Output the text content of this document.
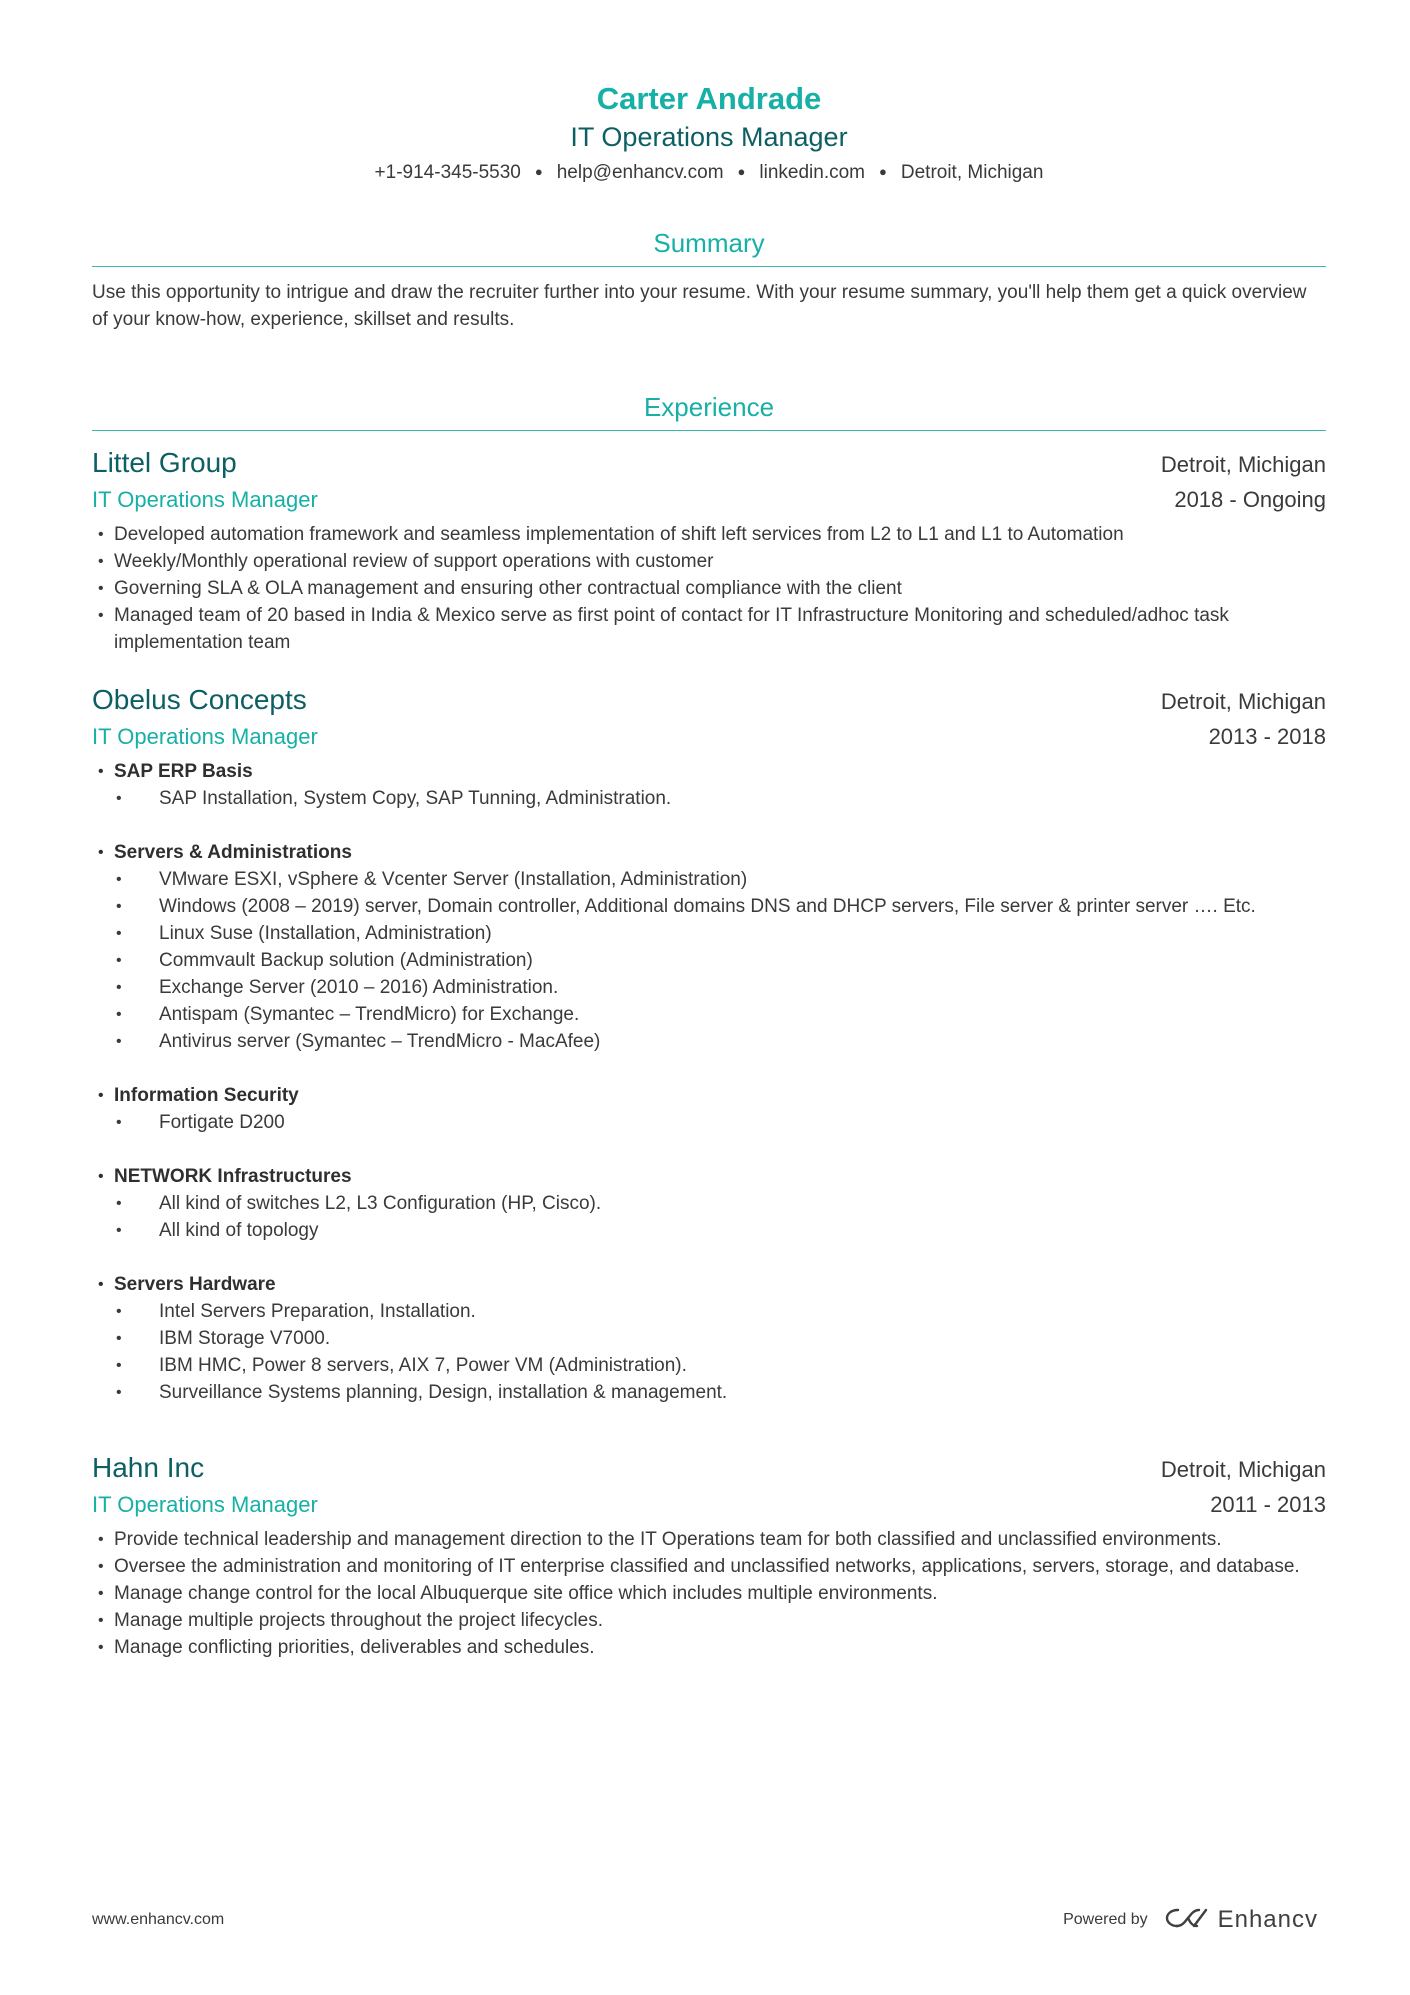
Carter Andrade
IT Operations Manager
+1-914-345-5530 ● help@enhancv.com ● linkedin.com ● Detroit, Michigan
Summary
Use this opportunity to intrigue and draw the recruiter further into your resume. With your resume summary, you'll help them get a quick overview of your know-how, experience, skillset and results.
Experience
Littel Group	Detroit, Michigan
IT Operations Manager	2018 - Ongoing
• Developed automation framework and seamless implementation of shift left services from L2 to L1 and L1 to Automation
• Weekly/Monthly operational review of support operations with customer
• Governing SLA & OLA management and ensuring other contractual compliance with the client
• Managed team of 20 based in India & Mexico serve as first point of contact for IT Infrastructure Monitoring and scheduled/adhoc task implementation team
Obelus Concepts	Detroit, Michigan
IT Operations Manager	2013 - 2018
• SAP ERP Basis
• SAP Installation, System Copy, SAP Tunning, Administration.
• Servers & Administrations
• VMware ESXI, vSphere & Vcenter Server (Installation, Administration)
• Windows (2008 – 2019) server, Domain controller, Additional domains DNS and DHCP servers, File server & printer server …. Etc.
• Linux Suse (Installation, Administration)
• Commvault Backup solution (Administration)
• Exchange Server (2010 – 2016) Administration.
• Antispam (Symantec – TrendMicro) for Exchange.
• Antivirus server (Symantec – TrendMicro - MacAfee)
• Information Security
• Fortigate D200
• NETWORK Infrastructures
• All kind of switches L2, L3 Configuration (HP, Cisco).
• All kind of topology
• Servers Hardware
• Intel Servers Preparation, Installation.
• IBM Storage V7000.
• IBM HMC, Power 8 servers, AIX 7, Power VM (Administration).
• Surveillance Systems planning, Design, installation & management.
Hahn Inc	Detroit, Michigan
IT Operations Manager	2011 - 2013
• Provide technical leadership and management direction to the IT Operations team for both classified and unclassified environments.
• Oversee the administration and monitoring of IT enterprise classified and unclassified networks, applications, servers, storage, and database.
• Manage change control for the local Albuquerque site office which includes multiple environments.
• Manage multiple projects throughout the project lifecycles.
• Manage conflicting priorities, deliverables and schedules.
www.enhancv.com	Powered by	Enhancv
